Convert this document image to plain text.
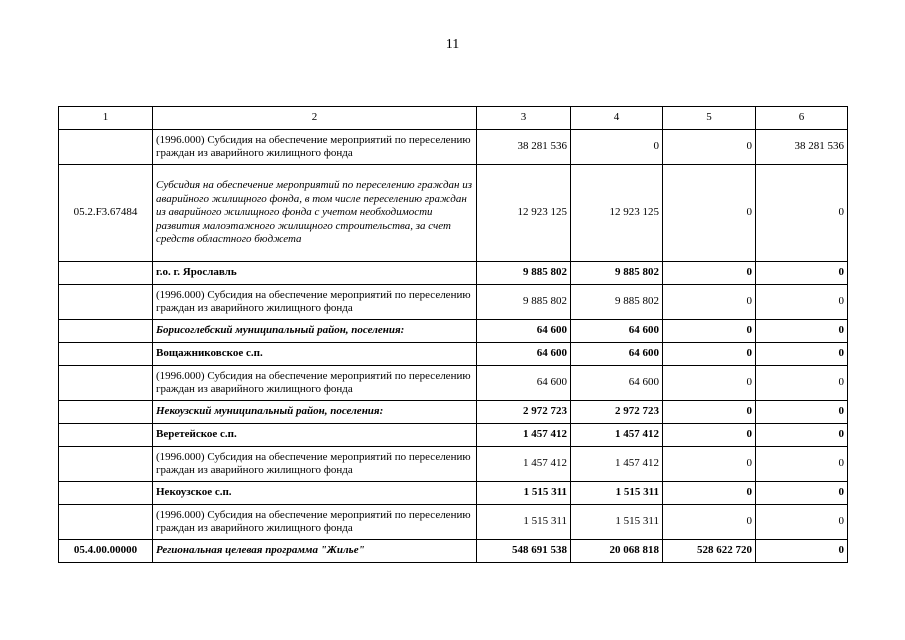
11
1	2	3	4	5	6
	(1996.000) Субсидия на обеспечение мероприятий по переселению граждан из аварийного жилищного фонда	38 281 536	0	0	38 281 536
05.2.F3.67484	Субсидия на обеспечение мероприятий по переселению граждан из аварийного жилищного фонда, в том числе переселению граждан из аварийного жилищного фонда с учетом необходимости развития малоэтажного жилищного строительства, за счет средств областного бюджета	12 923 125	12 923 125	0	0
	г.о. г. Ярославль	9 885 802	9 885 802	0	0
	(1996.000) Субсидия на обеспечение мероприятий по переселению граждан из аварийного жилищного фонда	9 885 802	9 885 802	0	0
	Борисоглебский муниципальный район, поселения:	64 600	64 600	0	0
	Вощажниковское с.п.	64 600	64 600	0	0
	(1996.000) Субсидия на обеспечение мероприятий по переселению граждан из аварийного жилищного фонда	64 600	64 600	0	0
	Некоузский муниципальный район, поселения:	2 972 723	2 972 723	0	0
	Веретейское с.п.	1 457 412	1 457 412	0	0
	(1996.000) Субсидия на обеспечение мероприятий по переселению граждан из аварийного жилищного фонда	1 457 412	1 457 412	0	0
	Некоузское с.п.	1 515 311	1 515 311	0	0
	(1996.000) Субсидия на обеспечение мероприятий по переселению граждан из аварийного жилищного фонда	1 515 311	1 515 311	0	0
05.4.00.00000	Региональная целевая программа "Жилье"	548 691 538	20 068 818	528 622 720	0
